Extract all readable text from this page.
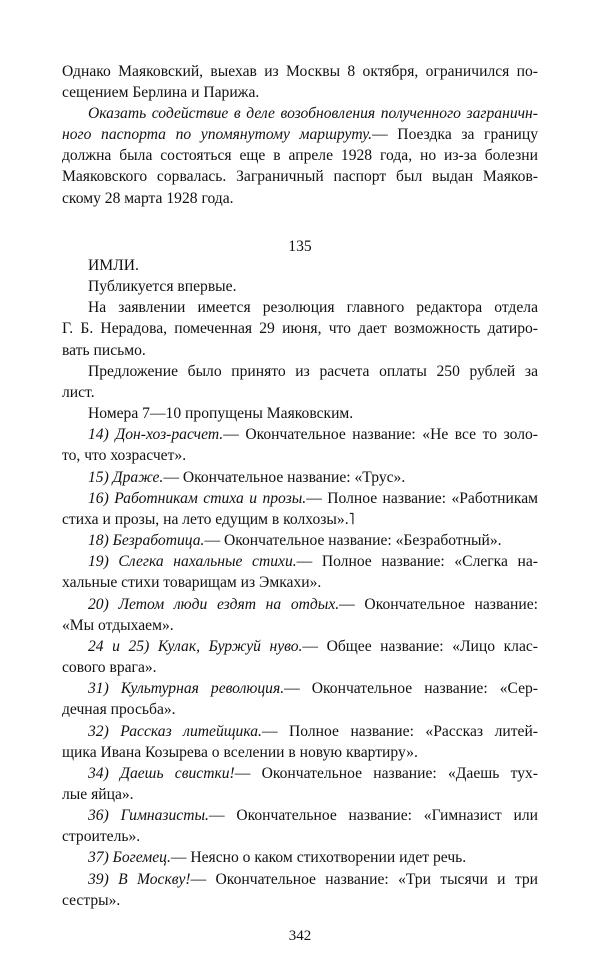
Однако Маяковский, выехав из Москвы 8 октября, ограничился по-

сещением Берлина и Парижа.

Оказать содействие в деле возобновления полученного заграничн-

ного паспорта по упомянутому маршруту.— Поездка за границу

должна была состояться еще в апреле 1928 года, но из-за болезни

Маяковского сорвалась. Заграничный паспорт был выдан Маяков-

скому 28 марта 1928 года.

135

ИМЛИ.

Публикуется впервые.

На заявлении имеется резолюция главного редактора отдела

Г. Б. Нерадова, помеченная 29 июня, что дает возможность датиро-

вать письмо.

Предложение было принято из расчета оплаты 250 рублей за

лист.

Номера 7—10 пропущены Маяковским.

14) Дон-хоз-расчет.— Окончательное название: «Не все то золо-

то, что хозрасчет».

15) Драже.— Окончательное название: «Трус».

16) Работникам стиха и прозы.— Полное название: «Работникам

стиха и прозы, на лето едущим в колхозы».˥

18) Безработица.— Окончательное название: «Безработный».

19) Слегка нахальные стихи.— Полное название: «Слегка на-

хальные стихи товарищам из Эмкахи».

20) Летом люди ездят на отдых.— Окончательное название:

«Мы отдыхаем».

24 и 25) Кулак, Буржуй нуво.— Общее название: «Лицо клас-

сового врага».

31) Культурная революция.— Окончательное название: «Сер-

дечная просьба».

32) Рассказ литейщика.— Полное название: «Рассказ литей-

щика Ивана Козырева о вселении в новую квартиру».

34) Даешь свистки!— Окончательное название: «Даешь тух-

лые яйца».

36) Гимназисты.— Окончательное название: «Гимназист или

строитель».

37) Богемец.— Неясно о каком стихотворении идет речь.

39) В Москву!— Окончательное название: «Три тысячи и три

сестры».

342
